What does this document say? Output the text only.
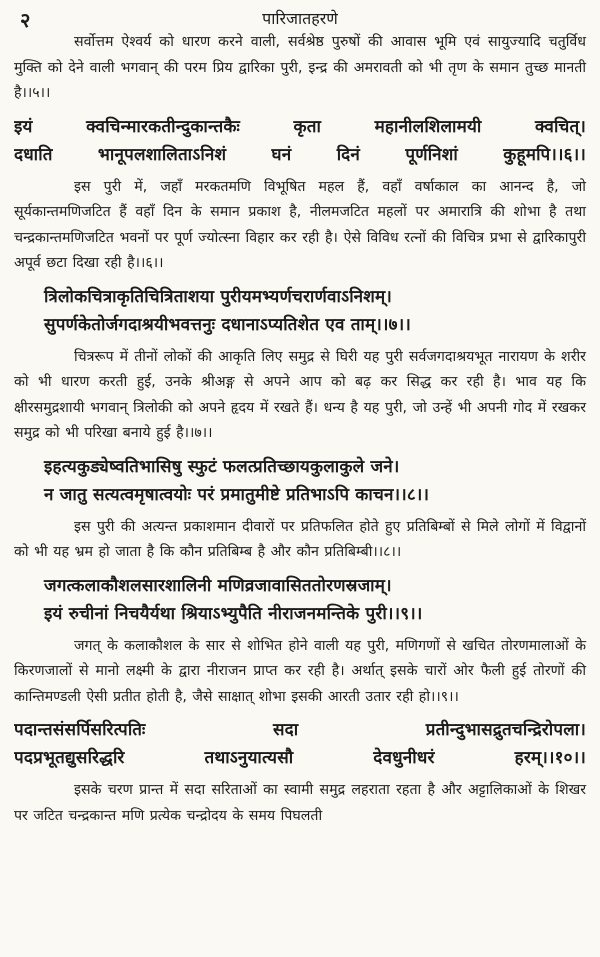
२	पारिजातहरणे

सर्वोत्तम ऐश्वर्य को धारण करने वाली, सर्वश्रेष्ठ पुरुषों की आवास भूमि एवं सायुज्यादि चतुर्विध मुक्ति को देने वाली भगवान् की परम प्रिय द्वारिका पुरी, इन्द्र की अमरावती को भी तृण के समान तुच्छ मानती है।।५।।

इयं क्वचिन्मारकतीन्दुकान्तकैः कृता महानीलशिलामयी क्वचित्।
दधाति भानूपलशालिताऽनिशं घनं दिनं पूर्णनिशां कुहूमपि।।६।।

इस पुरी में, जहाँ मरकतमणि विभूषित महल हैं, वहाँ वर्षाकाल का आनन्द है, जो सूर्यकान्तमणिजटित हैं वहाँ दिन के समान प्रकाश है, नीलमजटित महलों पर अमारात्रि की शोभा है तथा चन्द्रकान्तमणिजटित भवनों पर पूर्ण ज्योत्स्ना विहार कर रही है। ऐसे विविध रत्नों की विचित्र प्रभा से द्वारिकापुरी अपूर्व छटा दिखा रही है।।६।।

त्रिलोकचित्राकृतिचित्रिताशया पुरीयमभ्यर्णचरार्णवाऽनिशम्।
सुपर्णकेतोर्जगदाश्रयीभवत्तनुः दधानाऽप्यतिशेत एव ताम्।।७।।

चित्ररूप में तीनों लोकों की आकृति लिए समुद्र से घिरी यह पुरी सर्वजगदाश्रयभूत नारायण के शरीर को भी धारण करती हुई, उनके श्रीअङ्ग से अपने आप को बढ़ कर सिद्ध कर रही है। भाव यह कि क्षीरसमुद्रशायी भगवान् त्रिलोकी को अपने हृदय में रखते हैं। धन्य है यह पुरी, जो उन्हें भी अपनी गोद में रखकर समुद्र को भी परिखा बनाये हुई है।।७।।

इहत्यकुड्येष्वतिभासिषु स्फुटं फलत्प्रतिच्छायकुलाकुले जने।
न जातु सत्यत्वमृषात्वयोः परं प्रमातुमीष्टे प्रतिभाऽपि काचन।।८।।

इस पुरी की अत्यन्त प्रकाशमान दीवारों पर प्रतिफलित होते हुए प्रतिबिम्बों से मिले लोगों में विद्वानों को भी यह भ्रम हो जाता है कि कौन प्रतिबिम्ब है और कौन प्रतिबिम्बी।।८।।

जगत्कलाकौशलसारशालिनी मणिव्रजावासिततोरणस्रजाम्।
इयं रुचीनां निचयैर्यथा श्रियाऽभ्युपैति नीराजनमन्तिके पुरी।।९।।

जगत् के कलाकौशल के सार से शोभित होने वाली यह पुरी, मणिगणों से खचित तोरणमालाओं के किरणजालों से मानो लक्ष्मी के द्वारा नीराजन प्राप्त कर रही है। अर्थात् इसके चारों ओर फैली हुई तोरणों की कान्तिमण्डली ऐसी प्रतीत होती है, जैसे साक्षात् शोभा इसकी आरती उतार रही हो।।९।।

पदान्तसंसर्पिसरित्पतिः सदा प्रतीन्दुभासद्रुतचन्द्रिरोपला।
पदप्रभूतद्युसरिद्धरि तथाऽनुयात्यसौ देवधुनीधरं हरम्।।१०।।

इसके चरण प्रान्त में सदा सरिताओं का स्वामी समुद्र लहराता रहता है और अट्टालिकाओं के शिखर पर जटित चन्द्रकान्त मणि प्रत्येक चन्द्रोदय के समय पिघलती
